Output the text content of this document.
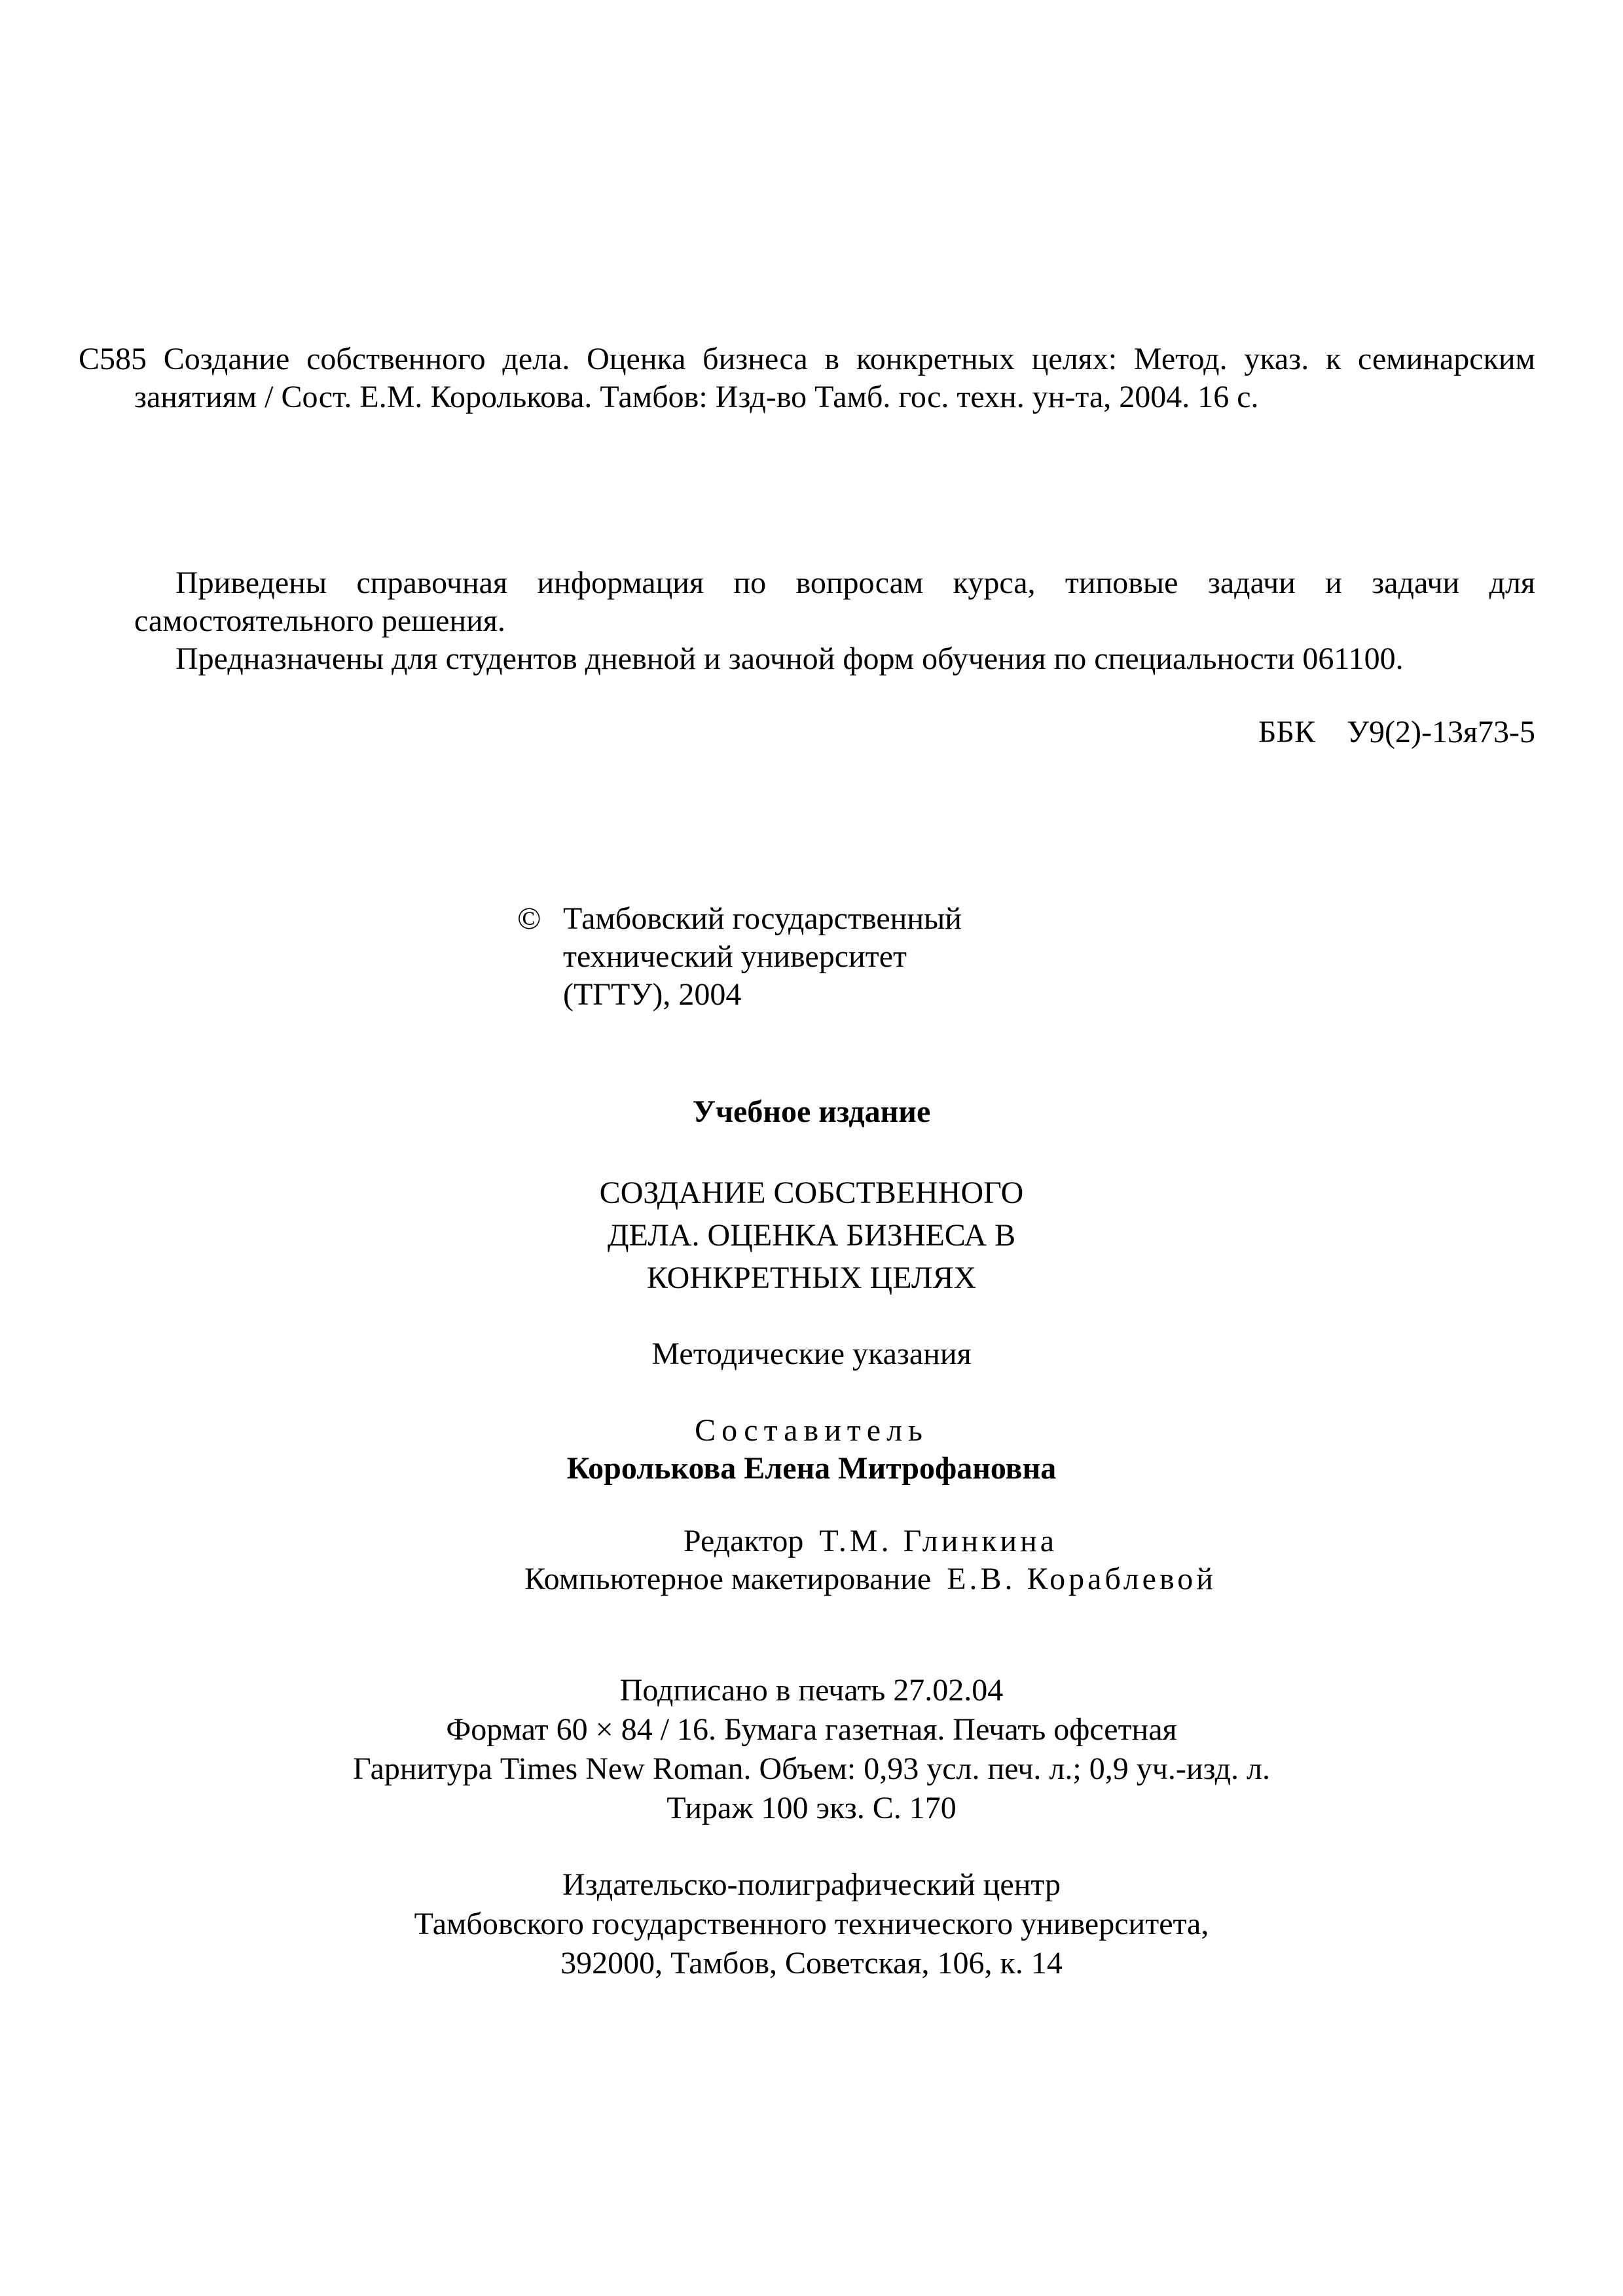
С585 Создание собственного дела. Оценка бизнеса в конкретных целях: Метод. указ. к семинарским
занятиям / Сост. Е.М. Королькова. Тамбов: Изд-во Тамб. гос. техн. ун-та, 2004. 16 с.
Приведены справочная информация по вопросам курса, типовые задачи и задачи для
самостоятельного решения.
Предназначены для студентов дневной и заочной форм обучения по специальности 061100.
ББК У9(2)-13я73-5
© Тамбовский государственный
технический университет
(ТГТУ), 2004
Учебное издание
СОЗДАНИЕ СОБСТВЕННОГО
ДЕЛА. ОЦЕНКА БИЗНЕСА В
КОНКРЕТНЫХ ЦЕЛЯХ
Методические указания
Составитель
Королькова Елена Митрофановна
Редактор Т.М. Глинкина
Компьютерное макетирование Е.В. Кораблевой
Подписано в печать 27.02.04
Формат 60 × 84 / 16. Бумага газетная. Печать офсетная
Гарнитура Times New Roman. Объем: 0,93 усл. печ. л.; 0,9 уч.-изд. л.
Тираж 100 экз. С. 170
Издательско-полиграфический центр
Тамбовского государственного технического университета,
392000, Тамбов, Советская, 106, к. 14
